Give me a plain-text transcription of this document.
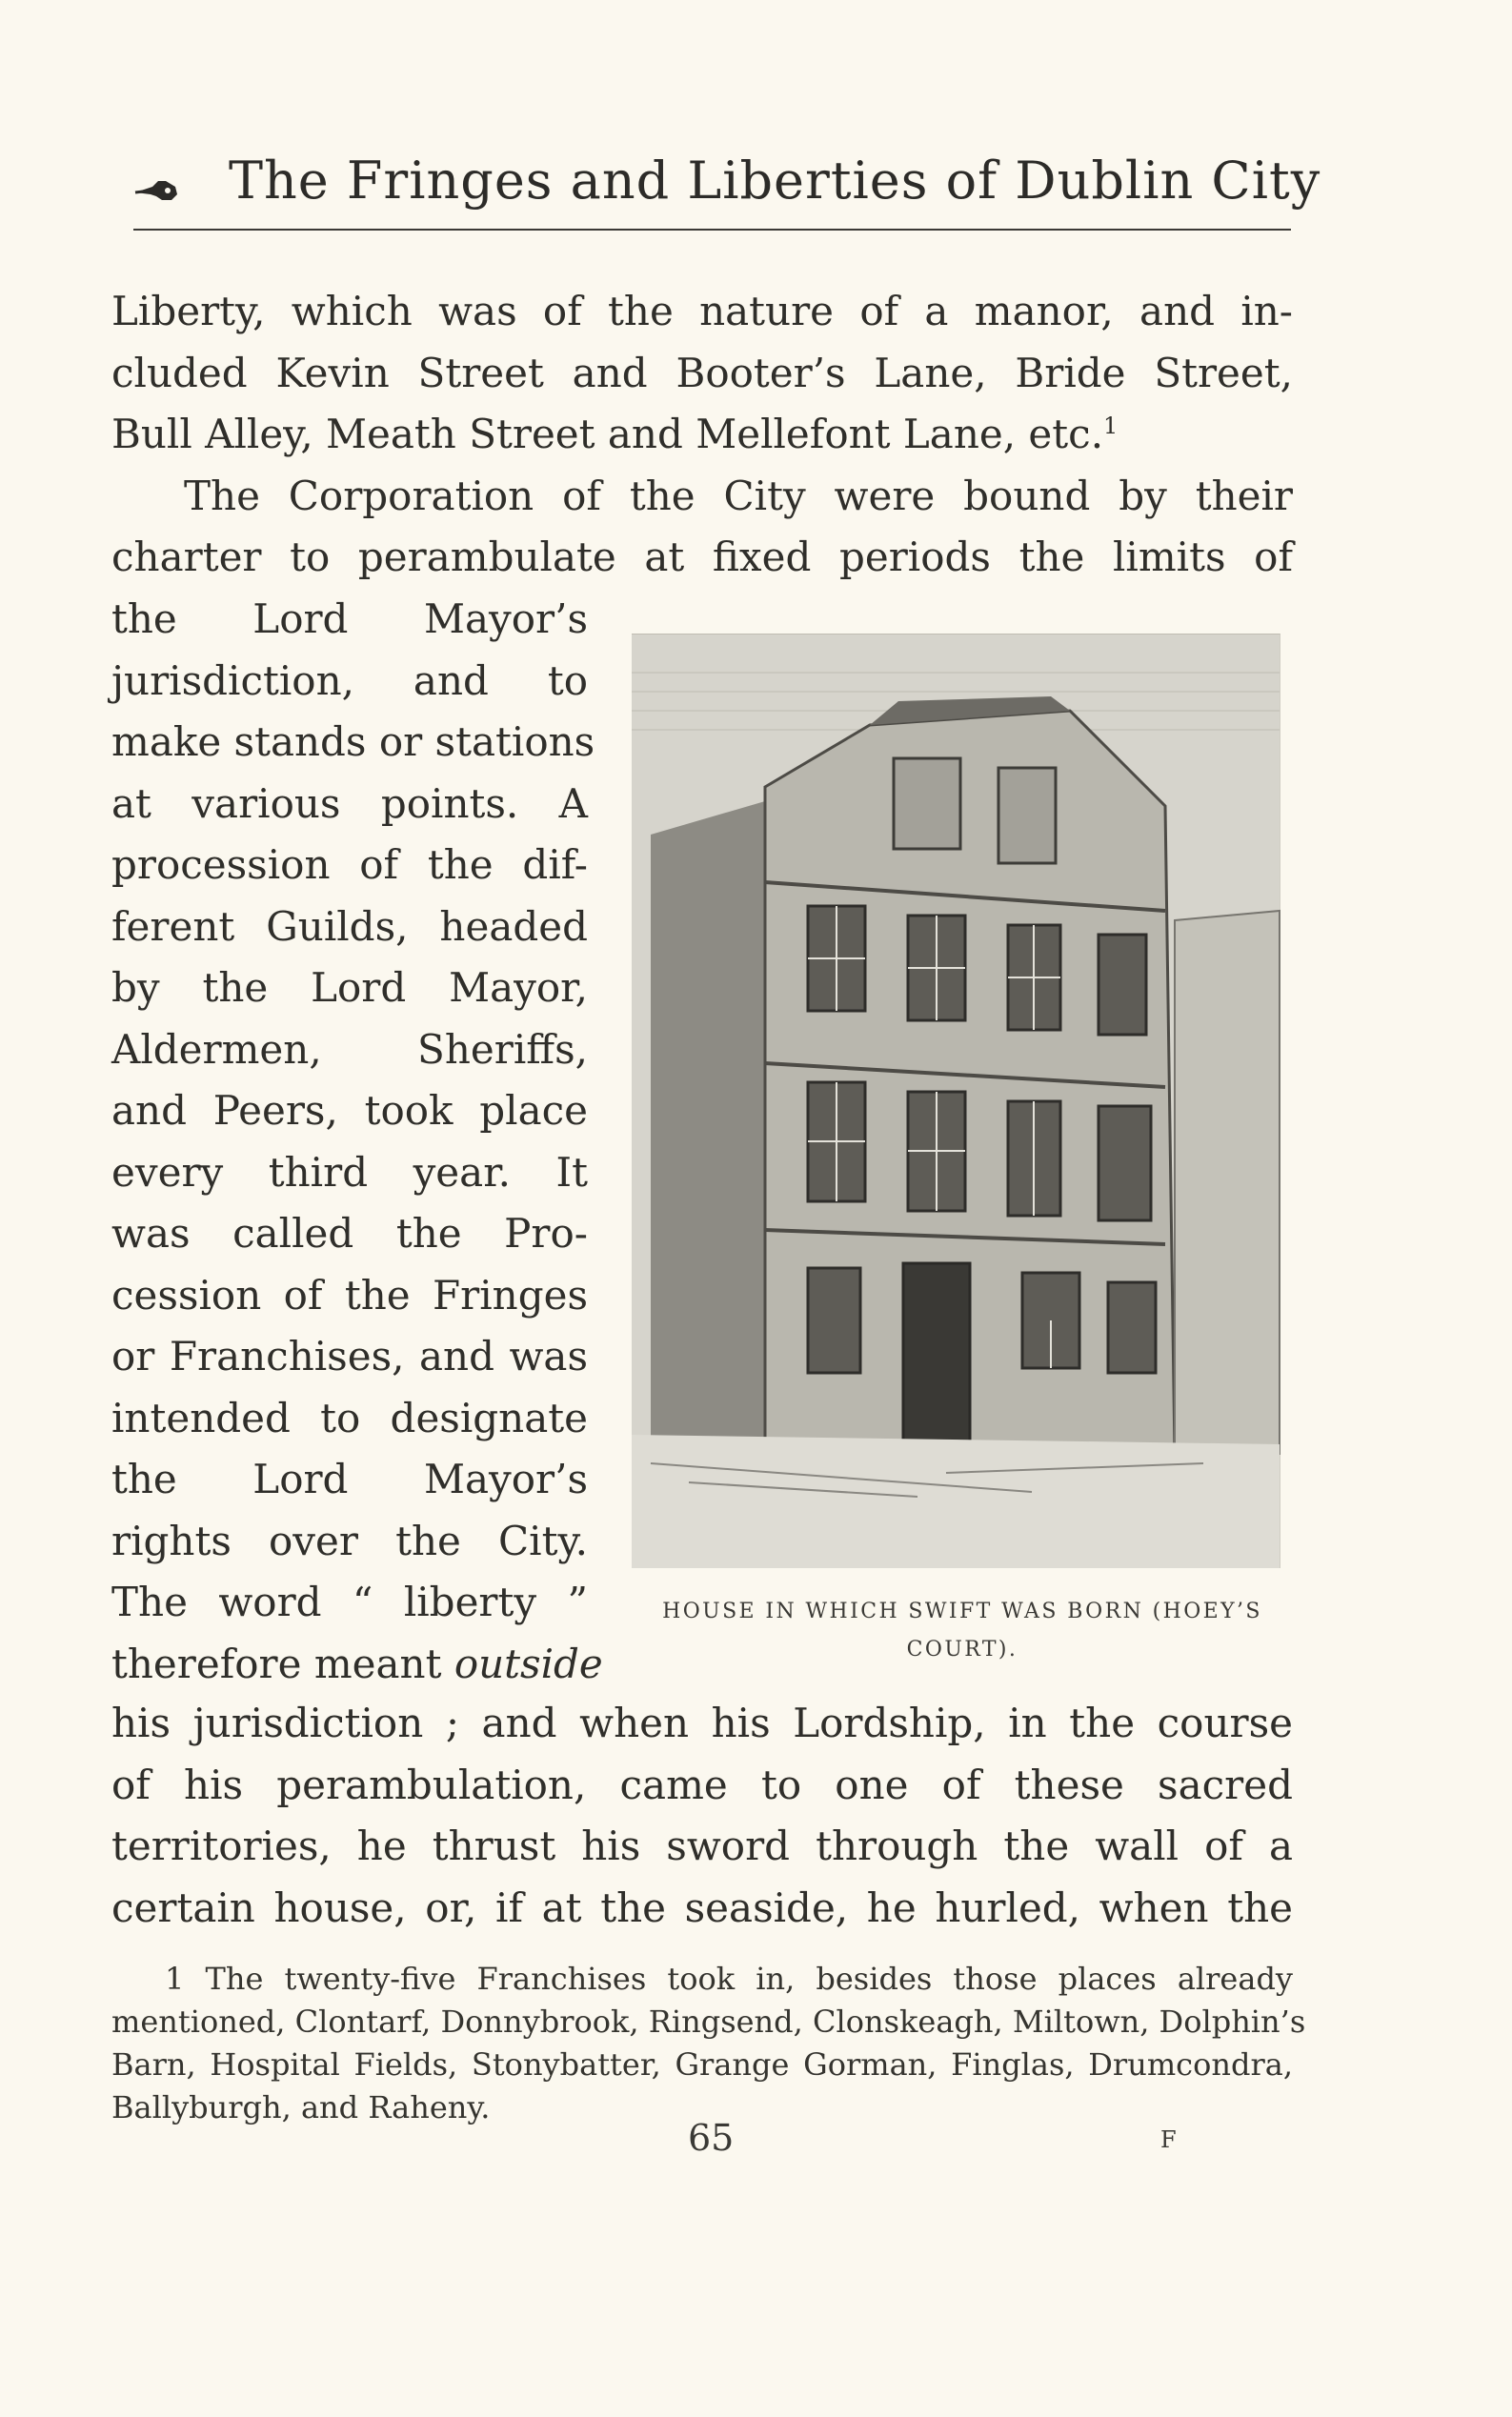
The Fringes and Liberties of Dublin City
Liberty, which was of the nature of a manor, and in-
cluded Kevin Street and Booter’s Lane, Bride Street,
Bull Alley, Meath Street and Mellefont Lane, etc.$^1$
The Corporation of the City were bound by their
charter to perambulate at fixed periods the limits of
the Lord Mayor’s
jurisdiction, and to
make stands or stations
at various points. A
procession of the dif-
ferent Guilds, headed
by the Lord Mayor,
Aldermen, Sheriffs,
and Peers, took place
every third year. It
was called the Pro-
cession of the Fringes
or Franchises, and was
intended to designate
the Lord Mayor’s
rights over the City.
The word “ liberty ”
therefore meant outside
HOUSE IN WHICH SWIFT WAS BORN (HOEY’S
COURT).
his jurisdiction ; and when his Lordship, in the course
of his perambulation, came to one of these sacred
territories, he thrust his sword through the wall of a
certain house, or, if at the seaside, he hurled, when the
1 The twenty-five Franchises took in, besides those places already
mentioned, Clontarf, Donnybrook, Ringsend, Clonskeagh, Miltown, Dolphin’s
Barn, Hospital Fields, Stonybatter, Grange Gorman, Finglas, Drumcondra,
Ballyburgh, and Raheny.
65	F
